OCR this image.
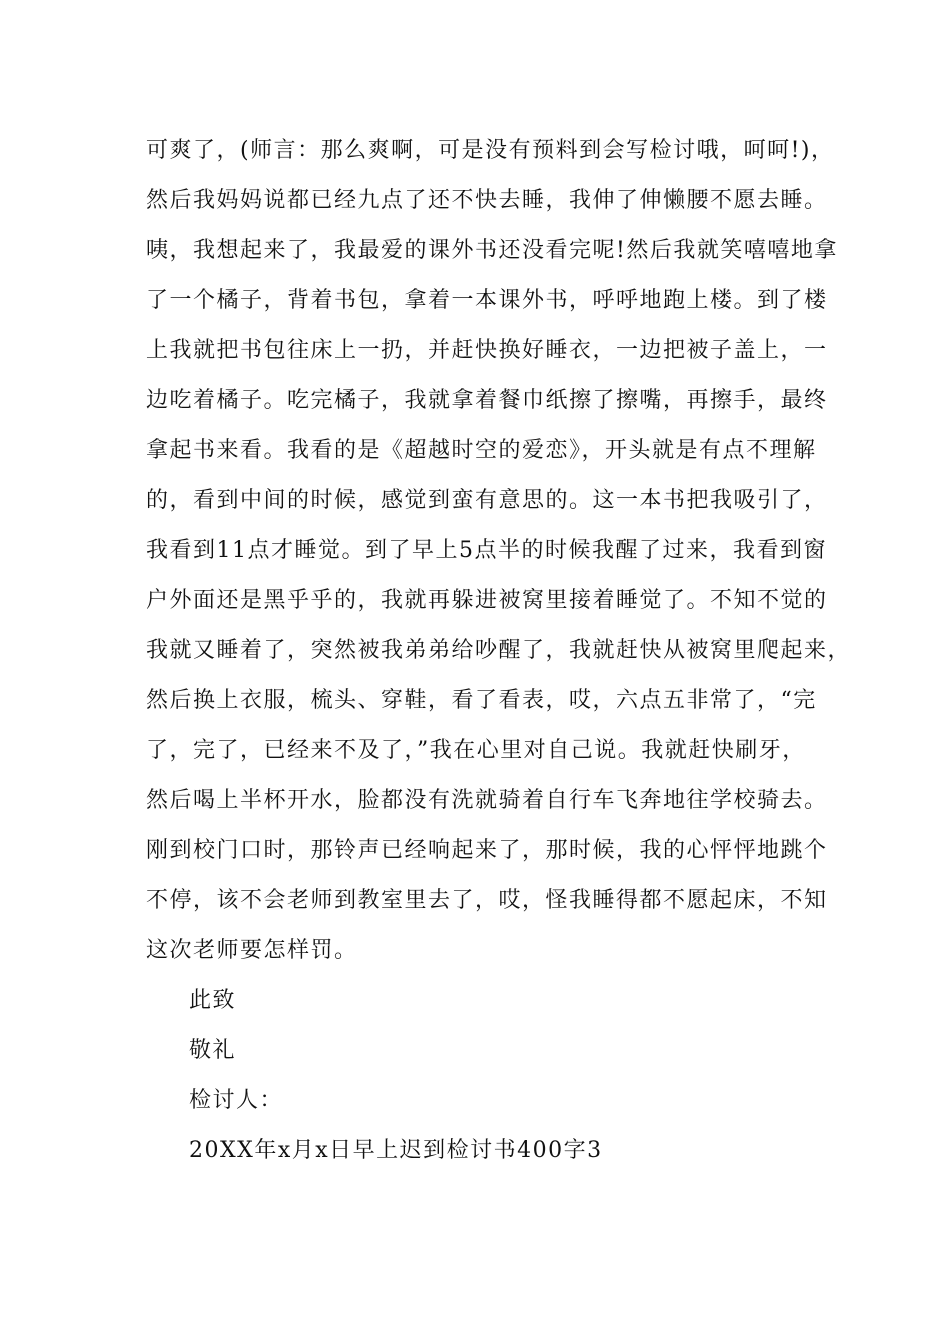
可爽了，(师言：那么爽啊，可是没有预料到会写检讨哦，呵呵!)，
然后我妈妈说都已经九点了还不快去睡，我伸了伸懒腰不愿去睡。
咦，我想起来了，我最爱的课外书还没看完呢!然后我就笑嘻嘻地拿
了一个橘子，背着书包，拿着一本课外书，呼呼地跑上楼。到了楼
上我就把书包往床上一扔，并赶快换好睡衣，一边把被子盖上，一
边吃着橘子。吃完橘子，我就拿着餐巾纸擦了擦嘴，再擦手，最终
拿起书来看。我看的是《超越时空的爱恋》，开头就是有点不理解
的，看到中间的时候，感觉到蛮有意思的。这一本书把我吸引了，
我看到11点才睡觉。到了早上5点半的时候我醒了过来，我看到窗
户外面还是黑乎乎的，我就再躲进被窝里接着睡觉了。不知不觉的
我就又睡着了，突然被我弟弟给吵醒了，我就赶快从被窝里爬起来，
然后换上衣服，梳头、穿鞋，看了看表，哎，六点五非常了，“完
了，完了，已经来不及了，”我在心里对自己说。我就赶快刷牙，
然后喝上半杯开水，脸都没有洗就骑着自行车飞奔地往学校骑去。
刚到校门口时，那铃声已经响起来了，那时候，我的心怦怦地跳个
不停，该不会老师到教室里去了，哎，怪我睡得都不愿起床，不知
这次老师要怎样罚。
此致
敬礼
检讨人：
20XX年x月x日早上迟到检讨书400字3
